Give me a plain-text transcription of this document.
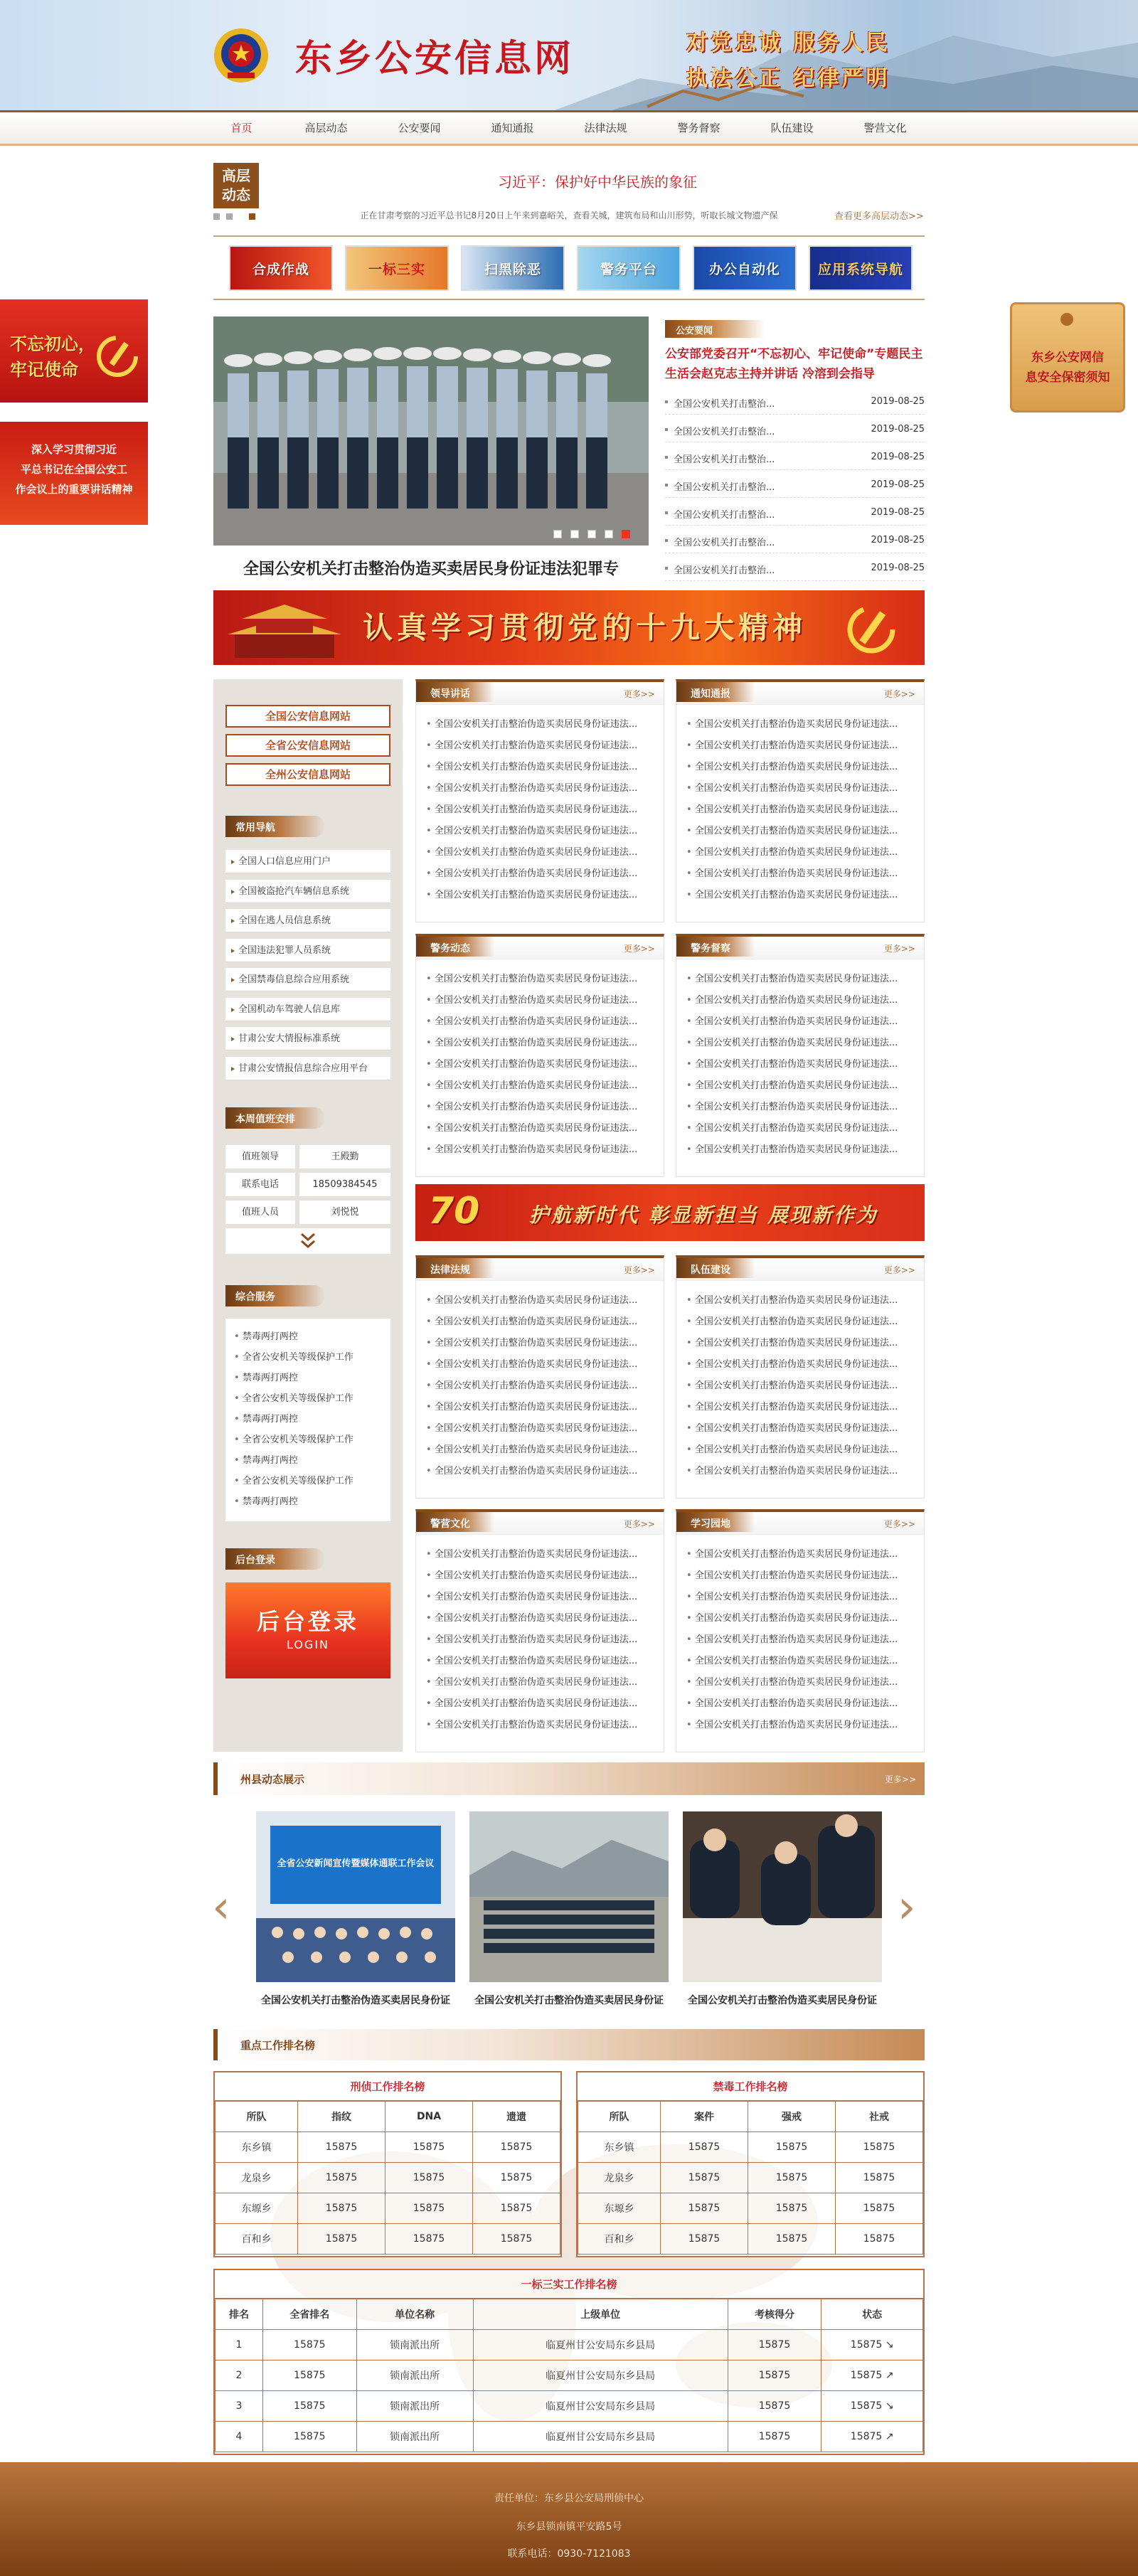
东乡公安信息网	对党忠诚 服务人民
执法公正 纪律严明
首页	高层动态	公安要闻	通知通报	法律法规	警务督察	队伍建设	警营文化
高层
动态
习近平：保护好中华民族的象征
正在甘肃考察的习近平总书记8月20日上午来到嘉峪关，查看关城，建筑布局和山川形势，听取长城文物遗产保	查看更多高层动态>>
合成作战	一标三实	扫黑除恶	警务平台	办公自动化	应用系统导航
不忘初心，牢记使命
深入学习贯彻习近
平总书记在全国公安工
作会议上的重要讲话精神
东乡公安网信
息安全保密须知
全国公安机关打击整治伪造买卖居民身份证违法犯罪专
公安要闻
公安部党委召开“不忘初心、牢记使命”专题民主生活会赵克志主持并讲话 冷溶到会指导
全国公安机关打击整治...	2019-08-25
全国公安机关打击整治...	2019-08-25
全国公安机关打击整治...	2019-08-25
全国公安机关打击整治...	2019-08-25
全国公安机关打击整治...	2019-08-25
全国公安机关打击整治...	2019-08-25
全国公安机关打击整治...	2019-08-25
认真学习贯彻党的十九大精神
全国公安信息网站
全省公安信息网站
全州公安信息网站
常用导航
全国人口信息应用门户
全国被盗抢汽车辆信息系统
全国在逃人员信息系统
全国违法犯罪人员系统
全国禁毒信息综合应用系统
全国机动车驾驶人信息库
甘肃公安大情报标准系统
甘肃公安情报信息综合应用平台
本周值班安排
值班领导	王殿勤
联系电话	18509384545
值班人员	刘悦悦
综合服务
• 禁毒两打两控
• 全省公安机关等级保护工作
• 禁毒两打两控
• 全省公安机关等级保护工作
• 禁毒两打两控
• 全省公安机关等级保护工作
• 禁毒两打两控
• 全省公安机关等级保护工作
• 禁毒两打两控
后台登录
后台登录
LOGIN
领导讲话	更多>>
• 全国公安机关打击整治伪造买卖居民身份证违法...
• 全国公安机关打击整治伪造买卖居民身份证违法...
• 全国公安机关打击整治伪造买卖居民身份证违法...
• 全国公安机关打击整治伪造买卖居民身份证违法...
• 全国公安机关打击整治伪造买卖居民身份证违法...
• 全国公安机关打击整治伪造买卖居民身份证违法...
• 全国公安机关打击整治伪造买卖居民身份证违法...
• 全国公安机关打击整治伪造买卖居民身份证违法...
• 全国公安机关打击整治伪造买卖居民身份证违法...
通知通报	更多>>
• 全国公安机关打击整治伪造买卖居民身份证违法...
• 全国公安机关打击整治伪造买卖居民身份证违法...
• 全国公安机关打击整治伪造买卖居民身份证违法...
• 全国公安机关打击整治伪造买卖居民身份证违法...
• 全国公安机关打击整治伪造买卖居民身份证违法...
• 全国公安机关打击整治伪造买卖居民身份证违法...
• 全国公安机关打击整治伪造买卖居民身份证违法...
• 全国公安机关打击整治伪造买卖居民身份证违法...
• 全国公安机关打击整治伪造买卖居民身份证违法...
警务动态	更多>>
• 全国公安机关打击整治伪造买卖居民身份证违法...
• 全国公安机关打击整治伪造买卖居民身份证违法...
• 全国公安机关打击整治伪造买卖居民身份证违法...
• 全国公安机关打击整治伪造买卖居民身份证违法...
• 全国公安机关打击整治伪造买卖居民身份证违法...
• 全国公安机关打击整治伪造买卖居民身份证违法...
• 全国公安机关打击整治伪造买卖居民身份证违法...
• 全国公安机关打击整治伪造买卖居民身份证违法...
• 全国公安机关打击整治伪造买卖居民身份证违法...
警务督察	更多>>
• 全国公安机关打击整治伪造买卖居民身份证违法...
• 全国公安机关打击整治伪造买卖居民身份证违法...
• 全国公安机关打击整治伪造买卖居民身份证违法...
• 全国公安机关打击整治伪造买卖居民身份证违法...
• 全国公安机关打击整治伪造买卖居民身份证违法...
• 全国公安机关打击整治伪造买卖居民身份证违法...
• 全国公安机关打击整治伪造买卖居民身份证违法...
• 全国公安机关打击整治伪造买卖居民身份证违法...
• 全国公安机关打击整治伪造买卖居民身份证违法...
法律法规	更多>>
• 全国公安机关打击整治伪造买卖居民身份证违法...
• 全国公安机关打击整治伪造买卖居民身份证违法...
• 全国公安机关打击整治伪造买卖居民身份证违法...
• 全国公安机关打击整治伪造买卖居民身份证违法...
• 全国公安机关打击整治伪造买卖居民身份证违法...
• 全国公安机关打击整治伪造买卖居民身份证违法...
• 全国公安机关打击整治伪造买卖居民身份证违法...
• 全国公安机关打击整治伪造买卖居民身份证违法...
• 全国公安机关打击整治伪造买卖居民身份证违法...
队伍建设	更多>>
• 全国公安机关打击整治伪造买卖居民身份证违法...
• 全国公安机关打击整治伪造买卖居民身份证违法...
• 全国公安机关打击整治伪造买卖居民身份证违法...
• 全国公安机关打击整治伪造买卖居民身份证违法...
• 全国公安机关打击整治伪造买卖居民身份证违法...
• 全国公安机关打击整治伪造买卖居民身份证违法...
• 全国公安机关打击整治伪造买卖居民身份证违法...
• 全国公安机关打击整治伪造买卖居民身份证违法...
• 全国公安机关打击整治伪造买卖居民身份证违法...
警营文化	更多>>
• 全国公安机关打击整治伪造买卖居民身份证违法...
• 全国公安机关打击整治伪造买卖居民身份证违法...
• 全国公安机关打击整治伪造买卖居民身份证违法...
• 全国公安机关打击整治伪造买卖居民身份证违法...
• 全国公安机关打击整治伪造买卖居民身份证违法...
• 全国公安机关打击整治伪造买卖居民身份证违法...
• 全国公安机关打击整治伪造买卖居民身份证违法...
• 全国公安机关打击整治伪造买卖居民身份证违法...
• 全国公安机关打击整治伪造买卖居民身份证违法...
学习园地	更多>>
• 全国公安机关打击整治伪造买卖居民身份证违法...
• 全国公安机关打击整治伪造买卖居民身份证违法...
• 全国公安机关打击整治伪造买卖居民身份证违法...
• 全国公安机关打击整治伪造买卖居民身份证违法...
• 全国公安机关打击整治伪造买卖居民身份证违法...
• 全国公安机关打击整治伪造买卖居民身份证违法...
• 全国公安机关打击整治伪造买卖居民身份证违法...
• 全国公安机关打击整治伪造买卖居民身份证违法...
• 全国公安机关打击整治伪造买卖居民身份证违法...
70 护航新时代 彰显新担当 展现新作为
州县动态展示	更多>>
‹	›
全省公安新闻宣传暨媒体通联工作会议
全国公安机关打击整治伪造买卖居民身份证	全国公安机关打击整治伪造买卖居民身份证	全国公安机关打击整治伪造买卖居民身份证
重点工作排名榜
刑侦工作排名榜
所队	指纹	DNA	遗遗
东乡镇	15875	15875	15875
龙泉乡	15875	15875	15875
东塬乡	15875	15875	15875
百和乡	15875	15875	15875
禁毒工作排名榜
所队	案件	强戒	社戒
东乡镇	15875	15875	15875
龙泉乡	15875	15875	15875
东塬乡	15875	15875	15875
百和乡	15875	15875	15875
一标三实工作排名榜
排名	全省排名	单位名称	上级单位	考核得分	状态
1	15875	锁南派出所	临夏州甘公安局东乡县局	15875	15875 ↘
2	15875	锁南派出所	临夏州甘公安局东乡县局	15875	15875 ↗
3	15875	锁南派出所	临夏州甘公安局东乡县局	15875	15875 ↘
4	15875	锁南派出所	临夏州甘公安局东乡县局	15875	15875 ↗
责任单位：东乡县公安局刑侦中心
东乡县锁南镇平安路5号
联系电话：0930-7121083
